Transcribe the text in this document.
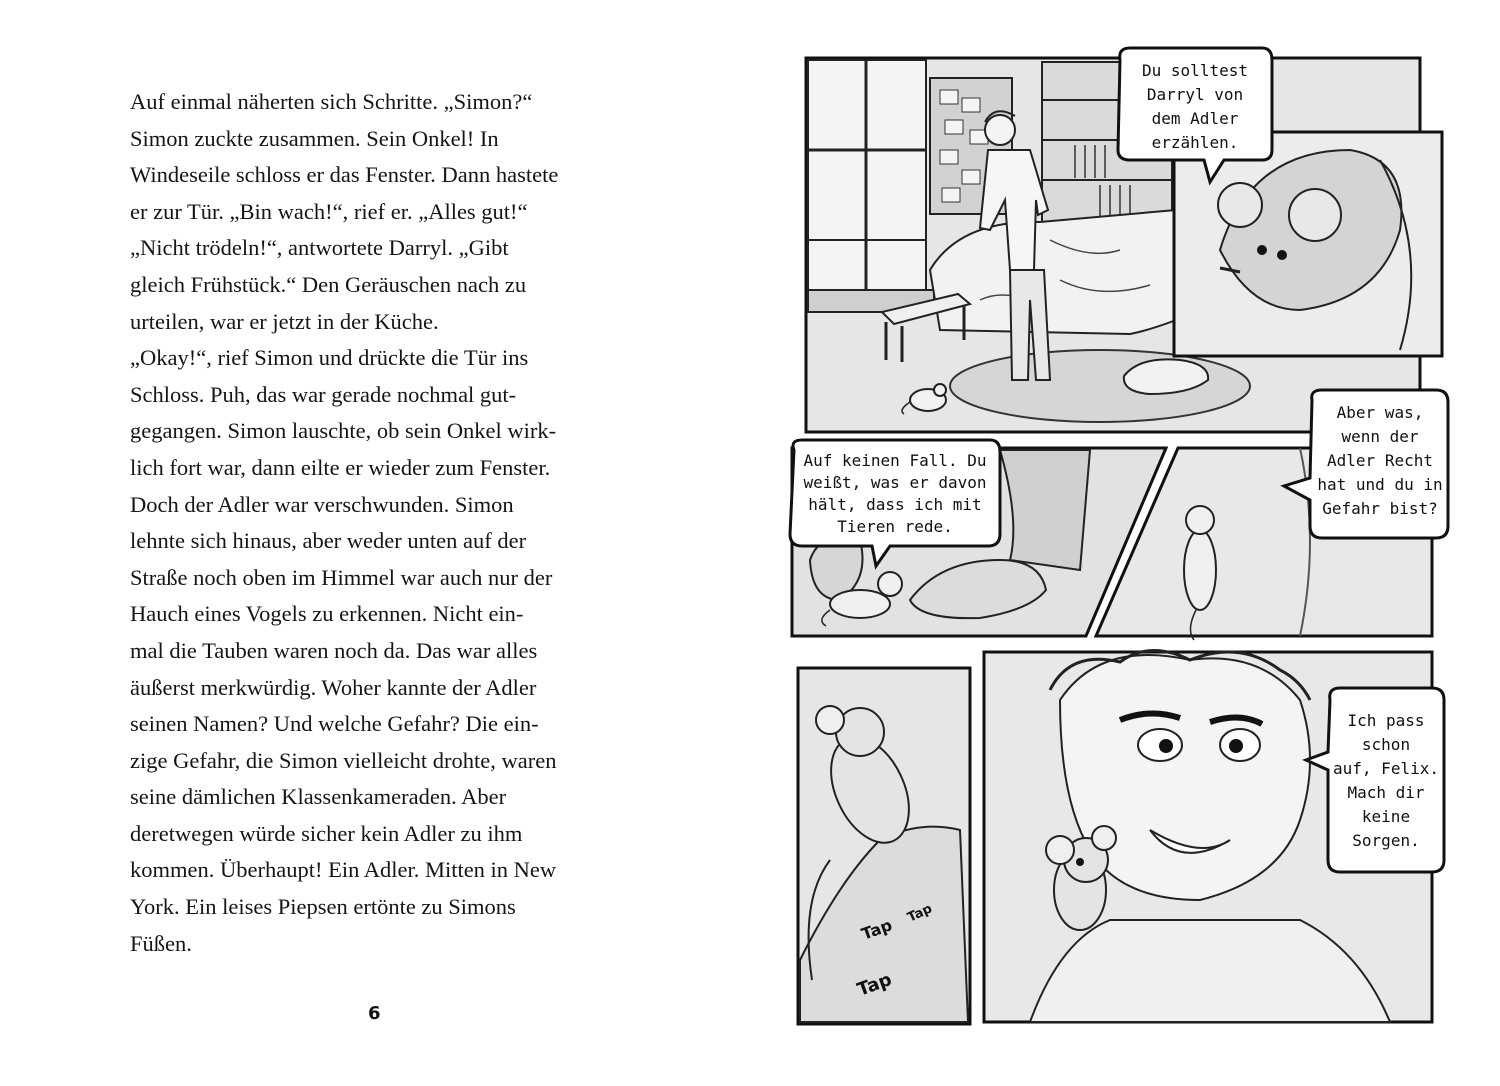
Auf einmal näherten sich Schritte. „Simon?“
Simon zuckte zusammen. Sein Onkel! In
Windeseile schloss er das Fenster. Dann hastete
er zur Tür. „Bin wach!“, rief er. „Alles gut!“
„Nicht trödeln!“, antwortete Darryl. „Gibt
gleich Frühstück.“ Den Geräuschen nach zu
urteilen, war er jetzt in der Küche.
„Okay!“, rief Simon und drückte die Tür ins
Schloss. Puh, das war gerade nochmal gut-
gegangen. Simon lauschte, ob sein Onkel wirk-
lich fort war, dann eilte er wieder zum Fenster.
Doch der Adler war verschwunden. Simon
lehnte sich hinaus, aber weder unten auf der
Straße noch oben im Himmel war auch nur der
Hauch eines Vogels zu erkennen. Nicht ein-
mal die Tauben waren noch da. Das war alles
äußerst merkwürdig. Woher kannte der Adler
seinen Namen? Und welche Gefahr? Die ein-
zige Gefahr, die Simon vielleicht drohte, waren
seine dämlichen Klassenkameraden. Aber
deretwegen würde sicher kein Adler zu ihm
kommen. Überhaupt! Ein Adler. Mitten in New
York. Ein leises Piepsen ertönte zu Simons
Füßen.
6
Du solltest
Darryl von
dem Adler
erzählen.
Auf keinen Fall. Du
weißt, was er davon
hält, dass ich mit
Tieren rede.
Aber was,
wenn der
Adler Recht
hat und du in
Gefahr bist?
Tap
Tap
Tap
Ich pass
schon
auf, Felix.
Mach dir
keine
Sorgen.
